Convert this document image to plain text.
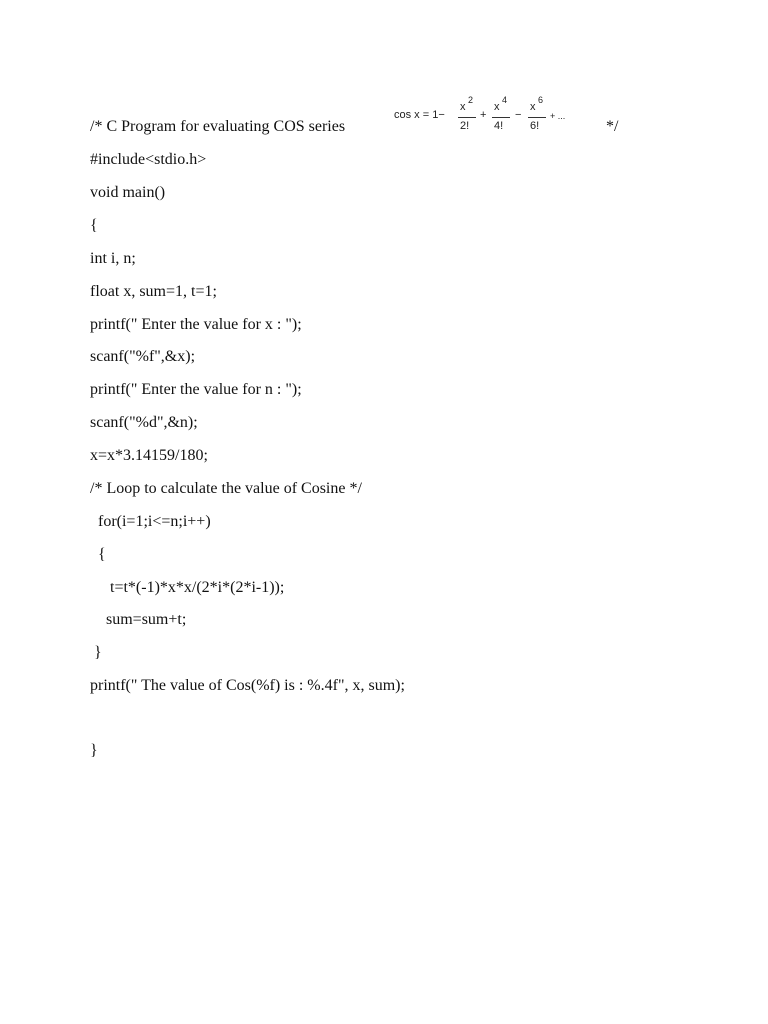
/* C Program for evaluating COS series
cos x = 1−
x
2
2!
+
x
4
4!
−
x
6
6!
+ ...
*/
#include<stdio.h>
void main()
{
int i, n;
float x, sum=1, t=1;
printf(" Enter the value for x : ");
scanf("%f",&x);
printf(" Enter the value for n : ");
scanf("%d",&n);
x=x*3.14159/180;
/* Loop to calculate the value of Cosine */
for(i=1;i<=n;i++)
{
t=t*(-1)*x*x/(2*i*(2*i-1));
sum=sum+t;
}
printf(" The value of Cos(%f) is : %.4f", x, sum);
}
